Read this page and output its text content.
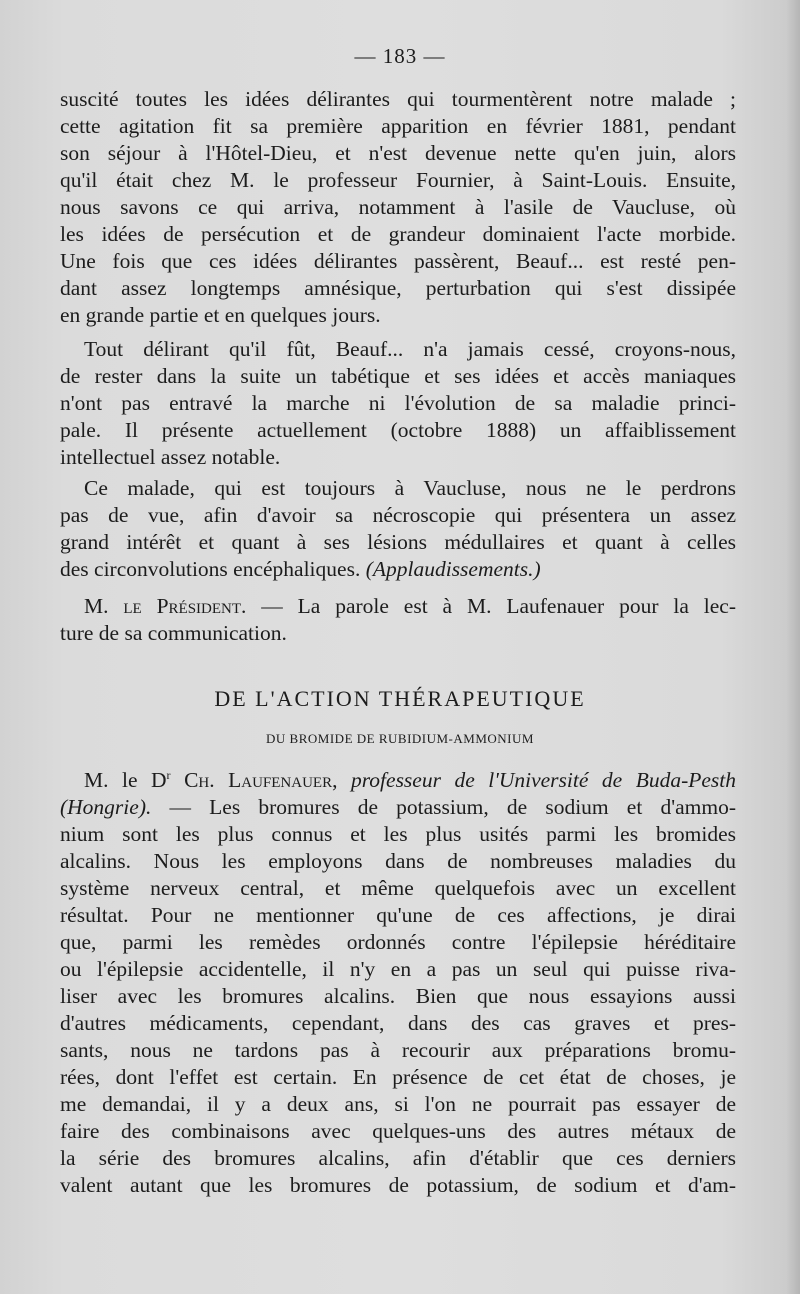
— 183 —
suscité toutes les idées délirantes qui tourmentèrent notre malade ;
cette agitation fit sa première apparition en février 1881, pendant
son séjour à l'Hôtel-Dieu, et n'est devenue nette qu'en juin, alors
qu'il était chez M. le professeur Fournier, à Saint-Louis. Ensuite,
nous savons ce qui arriva, notamment à l'asile de Vaucluse, où
les idées de persécution et de grandeur dominaient l'acte morbide.
Une fois que ces idées délirantes passèrent, Beauf... est resté pen-
dant assez longtemps amnésique, perturbation qui s'est dissipée
en grande partie et en quelques jours.
Tout délirant qu'il fût, Beauf... n'a jamais cessé, croyons-nous,
de rester dans la suite un tabétique et ses idées et accès maniaques
n'ont pas entravé la marche ni l'évolution de sa maladie princi-
pale. Il présente actuellement (octobre 1888) un affaiblissement
intellectuel assez notable.
Ce malade, qui est toujours à Vaucluse, nous ne le perdrons
pas de vue, afin d'avoir sa nécroscopie qui présentera un assez
grand intérêt et quant à ses lésions médullaires et quant à celles
des circonvolutions encéphaliques. (Applaudissements.)
M. le Président. — La parole est à M. Laufenauer pour la lec-
ture de sa communication.
DE L'ACTION THÉRAPEUTIQUE
DU BROMIDE DE RUBIDIUM-AMMONIUM
M. le $D^r$ Ch. Laufenauer, professeur de l'Université de Buda-Pesth
(Hongrie). — Les bromures de potassium, de sodium et d'ammo-
nium sont les plus connus et les plus usités parmi les bromides
alcalins. Nous les employons dans de nombreuses maladies du
système nerveux central, et même quelquefois avec un excellent
résultat. Pour ne mentionner qu'une de ces affections, je dirai
que, parmi les remèdes ordonnés contre l'épilepsie héréditaire
ou l'épilepsie accidentelle, il n'y en a pas un seul qui puisse riva-
liser avec les bromures alcalins. Bien que nous essayions aussi
d'autres médicaments, cependant, dans des cas graves et pres-
sants, nous ne tardons pas à recourir aux préparations bromu-
rées, dont l'effet est certain. En présence de cet état de choses, je
me demandai, il y a deux ans, si l'on ne pourrait pas essayer de
faire des combinaisons avec quelques-uns des autres métaux de
la série des bromures alcalins, afin d'établir que ces derniers
valent autant que les bromures de potassium, de sodium et d'am-
